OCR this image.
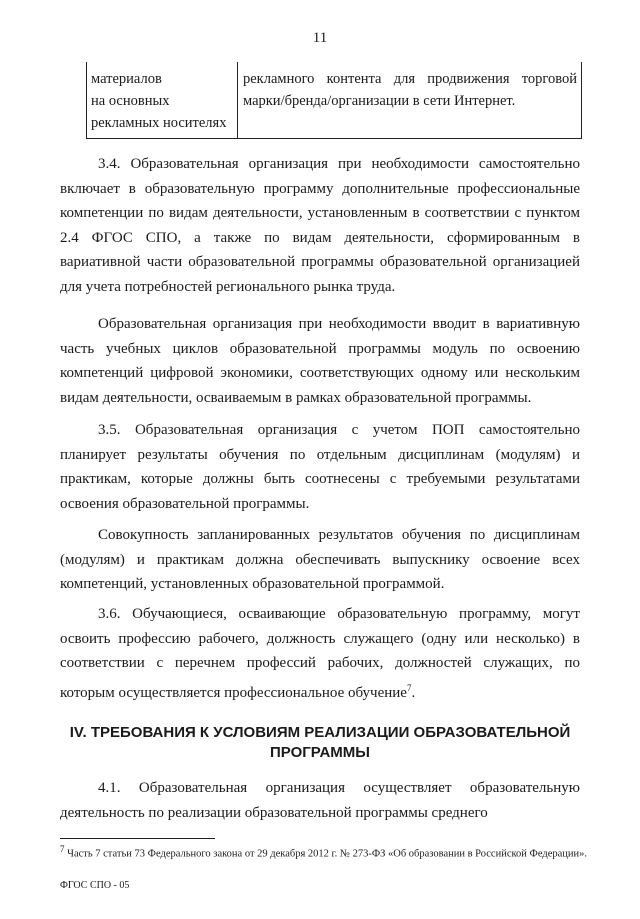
11
материалов
на основных
рекламных носителях
рекламного контента для продвижения торговой марки/бренда/организации в сети Интернет.

3.4. Образовательная организация при необходимости самостоятельно включает в образовательную программу дополнительные профессиональные компетенции по видам деятельности, установленным в соответствии с пунктом 2.4 ФГОС СПО, а также по видам деятельности, сформированным в вариативной части образовательной программы образовательной организацией для учета потребностей регионального рынка труда.

Образовательная организация при необходимости вводит в вариативную часть учебных циклов образовательной программы модуль по освоению компетенций цифровой экономики, соответствующих одному или нескольким видам деятельности, осваиваемым в рамках образовательной программы.

3.5. Образовательная организация с учетом ПОП самостоятельно планирует результаты обучения по отдельным дисциплинам (модулям) и практикам, которые должны быть соотнесены с требуемыми результатами освоения образовательной программы.

Совокупность запланированных результатов обучения по дисциплинам (модулям) и практикам должна обеспечивать выпускнику освоение всех компетенций, установленных образовательной программой.

3.6. Обучающиеся, осваивающие образовательную программу, могут освоить профессию рабочего, должность служащего (одну или несколько) в соответствии с перечнем профессий рабочих, должностей служащих, по которым осуществляется профессиональное обучение$^7$.

IV. ТРЕБОВАНИЯ К УСЛОВИЯМ РЕАЛИЗАЦИИ ОБРАЗОВАТЕЛЬНОЙ ПРОГРАММЫ

4.1. Образовательная организация осуществляет образовательную деятельность по реализации образовательной программы среднего

$^7$ Часть 7 статьи 73 Федерального закона от 29 декабря 2012 г. № 273-ФЗ «Об образовании в Российской Федерации».
ФГОС СПО - 05
